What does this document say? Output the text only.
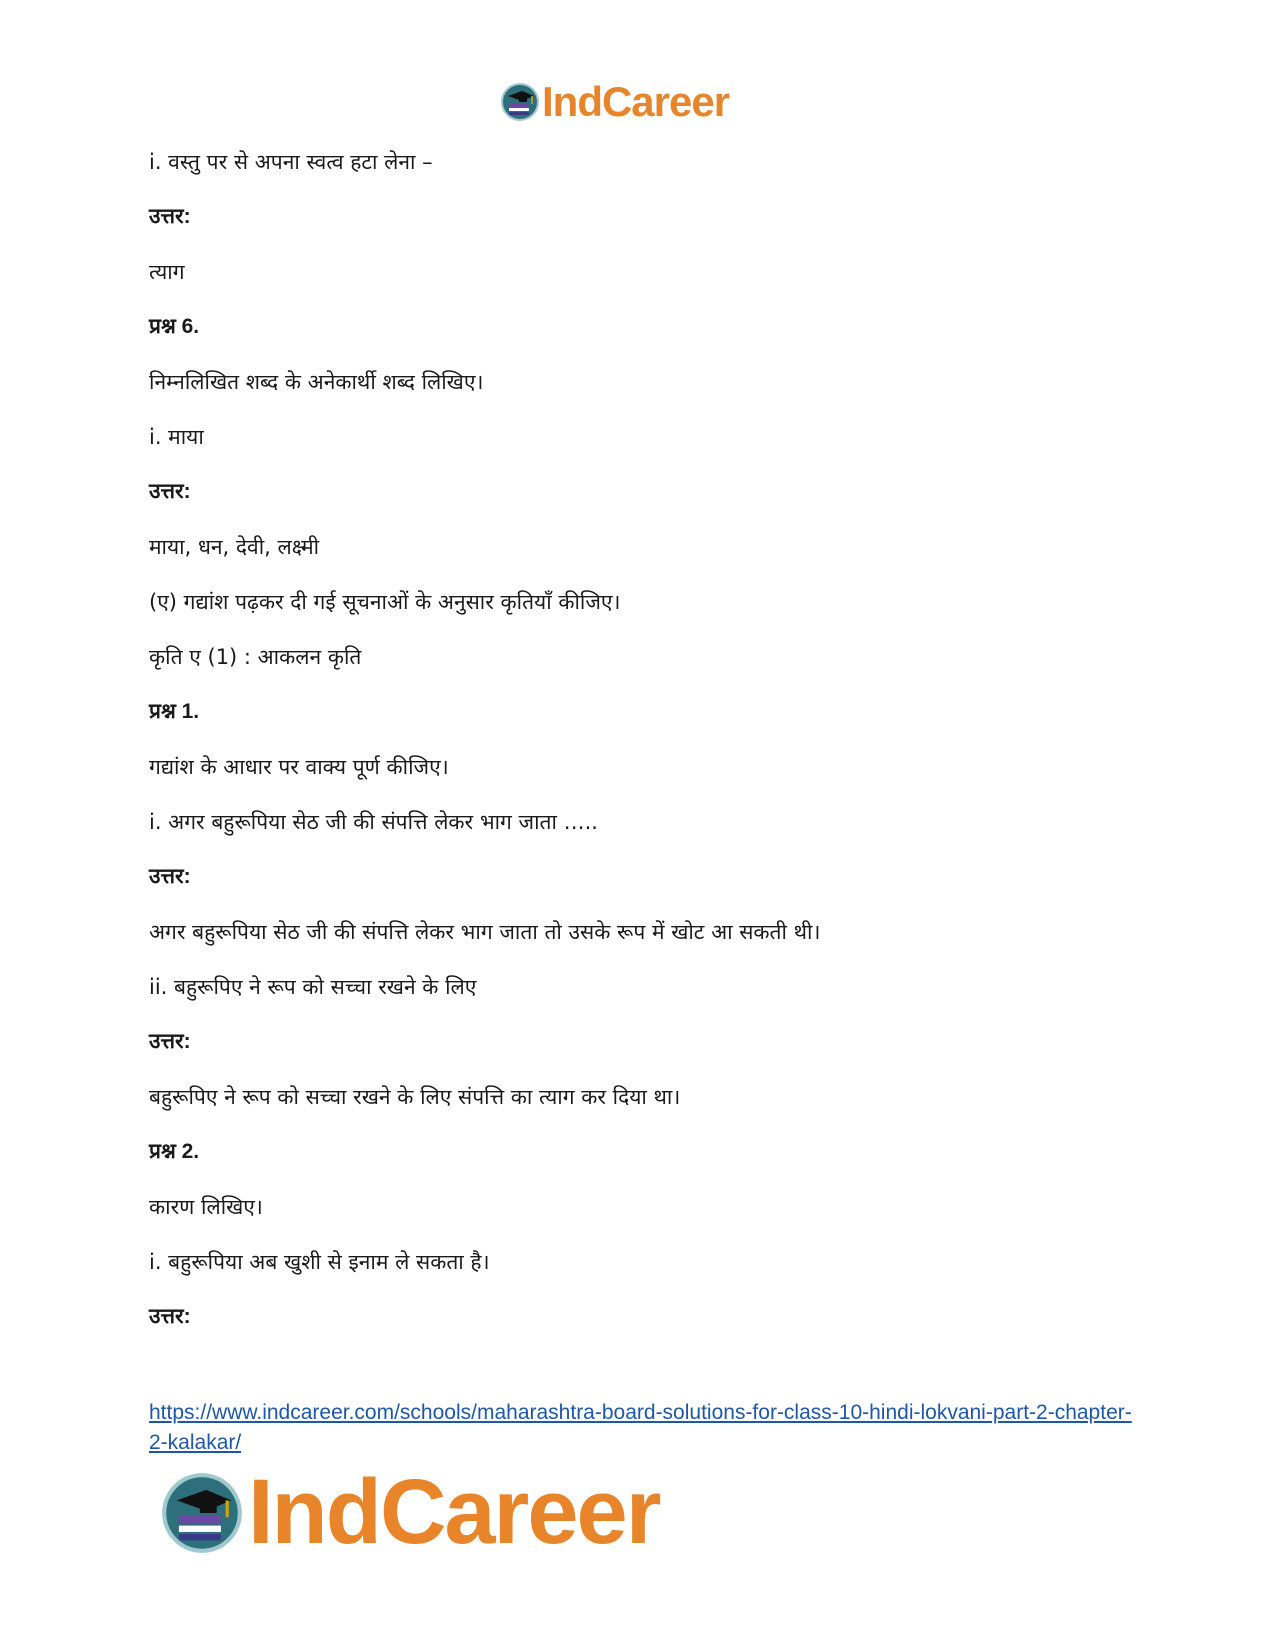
IndCareer
i. वस्तु पर से अपना स्वत्व हटा लेना –
उत्तर:
त्याग
प्रश्न 6.
निम्नलिखित शब्द के अनेकार्थी शब्द लिखिए।
i. माया
उत्तर:
माया, धन, देवी, लक्ष्मी
(ए) गद्यांश पढ़कर दी गई सूचनाओं के अनुसार कृतियाँ कीजिए।
कृति ए (1) : आकलन कृति
प्रश्न 1.
गद्यांश के आधार पर वाक्य पूर्ण कीजिए।
i. अगर बहुरूपिया सेठ जी की संपत्ति लेकर भाग जाता …..
उत्तर:
अगर बहुरूपिया सेठ जी की संपत्ति लेकर भाग जाता तो उसके रूप में खोट आ सकती थी।
ii. बहुरूपिए ने रूप को सच्चा रखने के लिए
उत्तर:
बहुरूपिए ने रूप को सच्चा रखने के लिए संपत्ति का त्याग कर दिया था।
प्रश्न 2.
कारण लिखिए।
i. बहुरूपिया अब खुशी से इनाम ले सकता है।
उत्तर:
https://www.indcareer.com/schools/maharashtra-board-solutions-for-class-10-hindi-lokvani-part-2-chapter-2-kalakar/
IndCareer
